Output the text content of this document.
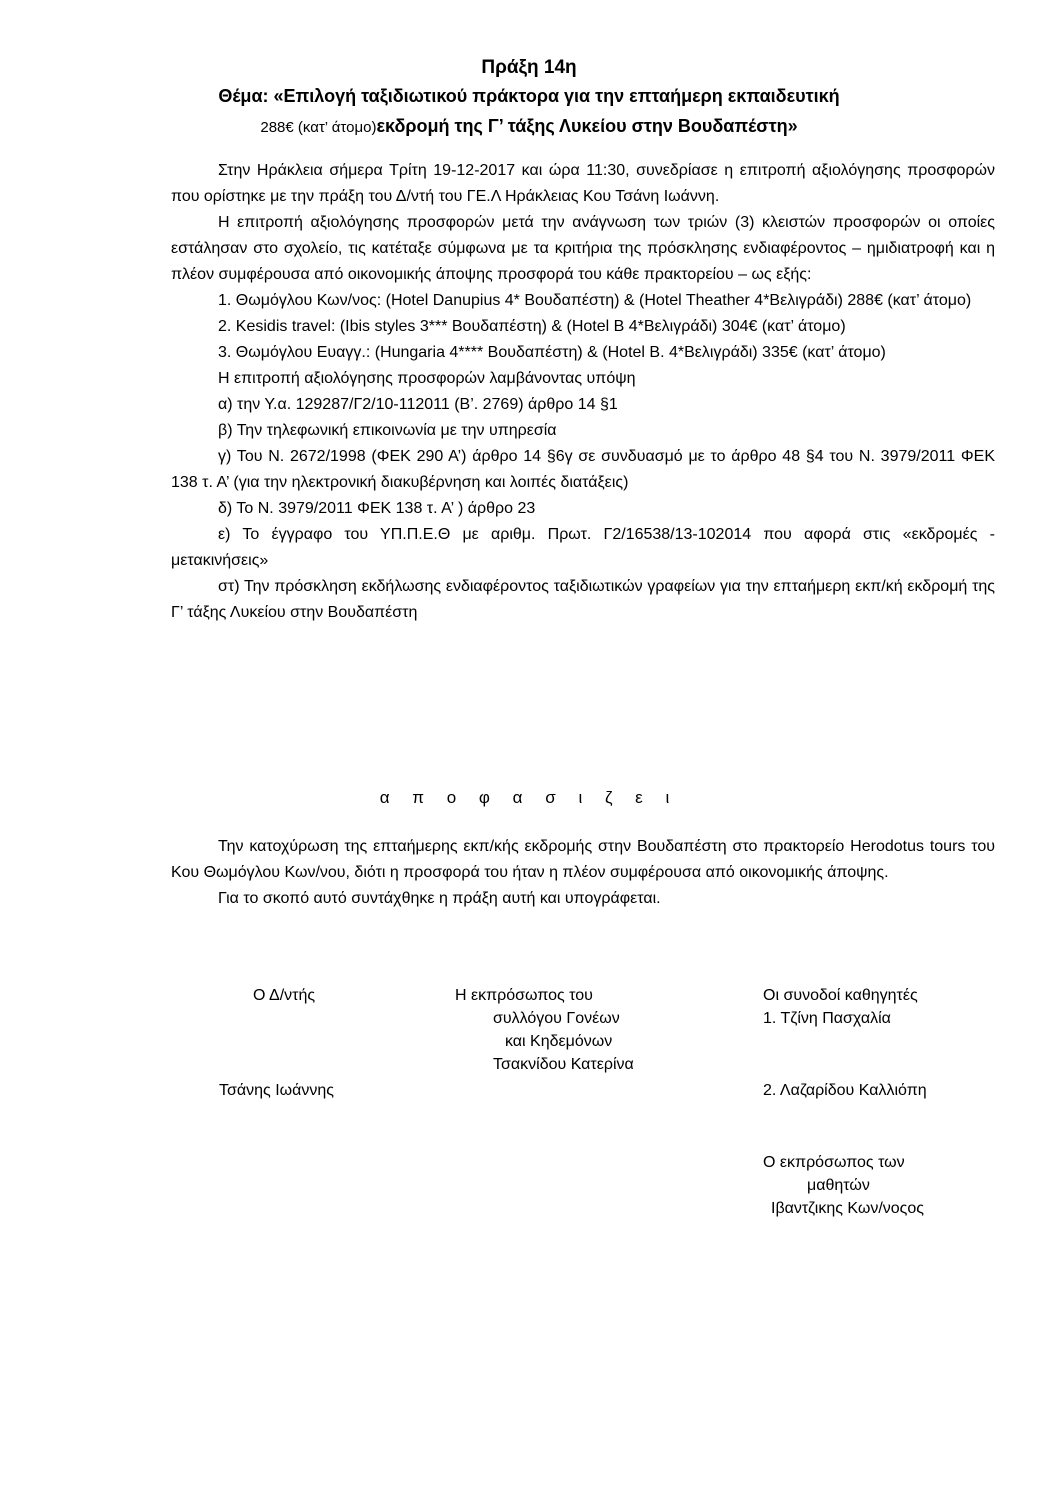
Πράξη 14η
Θέμα: «Επιλογή ταξιδιωτικού πράκτορα για την επταήμερη εκπαιδευτική
288€ (κατ’ άτομο)εκδρομή της Γ’ τάξης Λυκείου στην Βουδαπέστη»

Στην Ηράκλεια σήμερα Τρίτη 19-12-2017 και ώρα 11:30, συνεδρίασε η επιτροπή αξιολόγησης προσφορών που ορίστηκε με την πράξη του Δ/ντή του ΓΕ.Λ Ηράκλειας Κου Τσάνη Ιωάννη.

Η επιτροπή αξιολόγησης προσφορών μετά την ανάγνωση των τριών (3) κλειστών προσφορών οι οποίες εστάλησαν στο σχολείο, τις κατέταξε σύμφωνα με τα κριτήρια της πρόσκλησης ενδιαφέροντος – ημιδιατροφή και η πλέον συμφέρουσα από οικονομικής άποψης προσφορά του κάθε πρακτορείου – ως εξής:

1. Θωμόγλου Κων/νος: (Hotel Danupius 4* Βουδαπέστη) & (Hotel Theather 4*Βελιγράδι) 288€ (κατ’ άτομο)

2. Kesidis travel: (Ibis styles 3*** Βουδαπέστη) & (Hotel B 4*Βελιγράδι) 304€ (κατ’ άτομο)

3. Θωμόγλου Ευαγγ.: (Hungaria 4**** Βουδαπέστη) & (Hotel B. 4*Βελιγράδι) 335€ (κατ’ άτομο)

Η επιτροπή αξιολόγησης προσφορών λαμβάνοντας υπόψη

α) την Υ.α. 129287/Γ2/10-112011 (Β’. 2769) άρθρο 14 §1

β) Την τηλεφωνική επικοινωνία με την υπηρεσία

γ) Του Ν. 2672/1998 (ΦΕΚ 290 Α’) άρθρο 14 §6γ σε συνδυασμό με το άρθρο 48 §4 του Ν. 3979/2011 ΦΕΚ 138 τ. Α’ (για την ηλεκτρονική διακυβέρνηση και λοιπές διατάξεις)

δ) Το Ν. 3979/2011 ΦΕΚ 138 τ. Α’ ) άρθρο 23

ε) Το έγγραφο του ΥΠ.Π.Ε.Θ με αριθμ. Πρωτ. Γ2/16538/13-102014 που αφορά στις «εκδρομές - μετακινήσεις»

στ) Την πρόσκληση εκδήλωσης ενδιαφέροντος ταξιδιωτικών γραφείων για την επταήμερη εκπ/κή εκδρομή της Γ’ τάξης Λυκείου στην Βουδαπέστη

α π ο φ α σ ι ζ ε ι

Την κατοχύρωση της επταήμερης εκπ/κής εκδρομής στην Βουδαπέστη στο πρακτορείο Herodotus tours του Κου Θωμόγλου Κων/νου, διότι η προσφορά του ήταν η πλέον συμφέρουσα από οικονομικής άποψης.

Για το σκοπό αυτό συντάχθηκε η πράξη αυτή και υπογράφεται.

Ο Δ/ντής
Τσάνης Ιωάννης
Η εκπρόσωπος του
συλλόγου Γονέων
και Κηδεμόνων
Τσακνίδου Κατερίνα
Οι συνοδοί καθηγητές
1. Τζίνη Πασχαλία
2. Λαζαρίδου Καλλιόπη
Ο εκπρόσωπος των
μαθητών
Ιβαντζικης Κων/νοςος
